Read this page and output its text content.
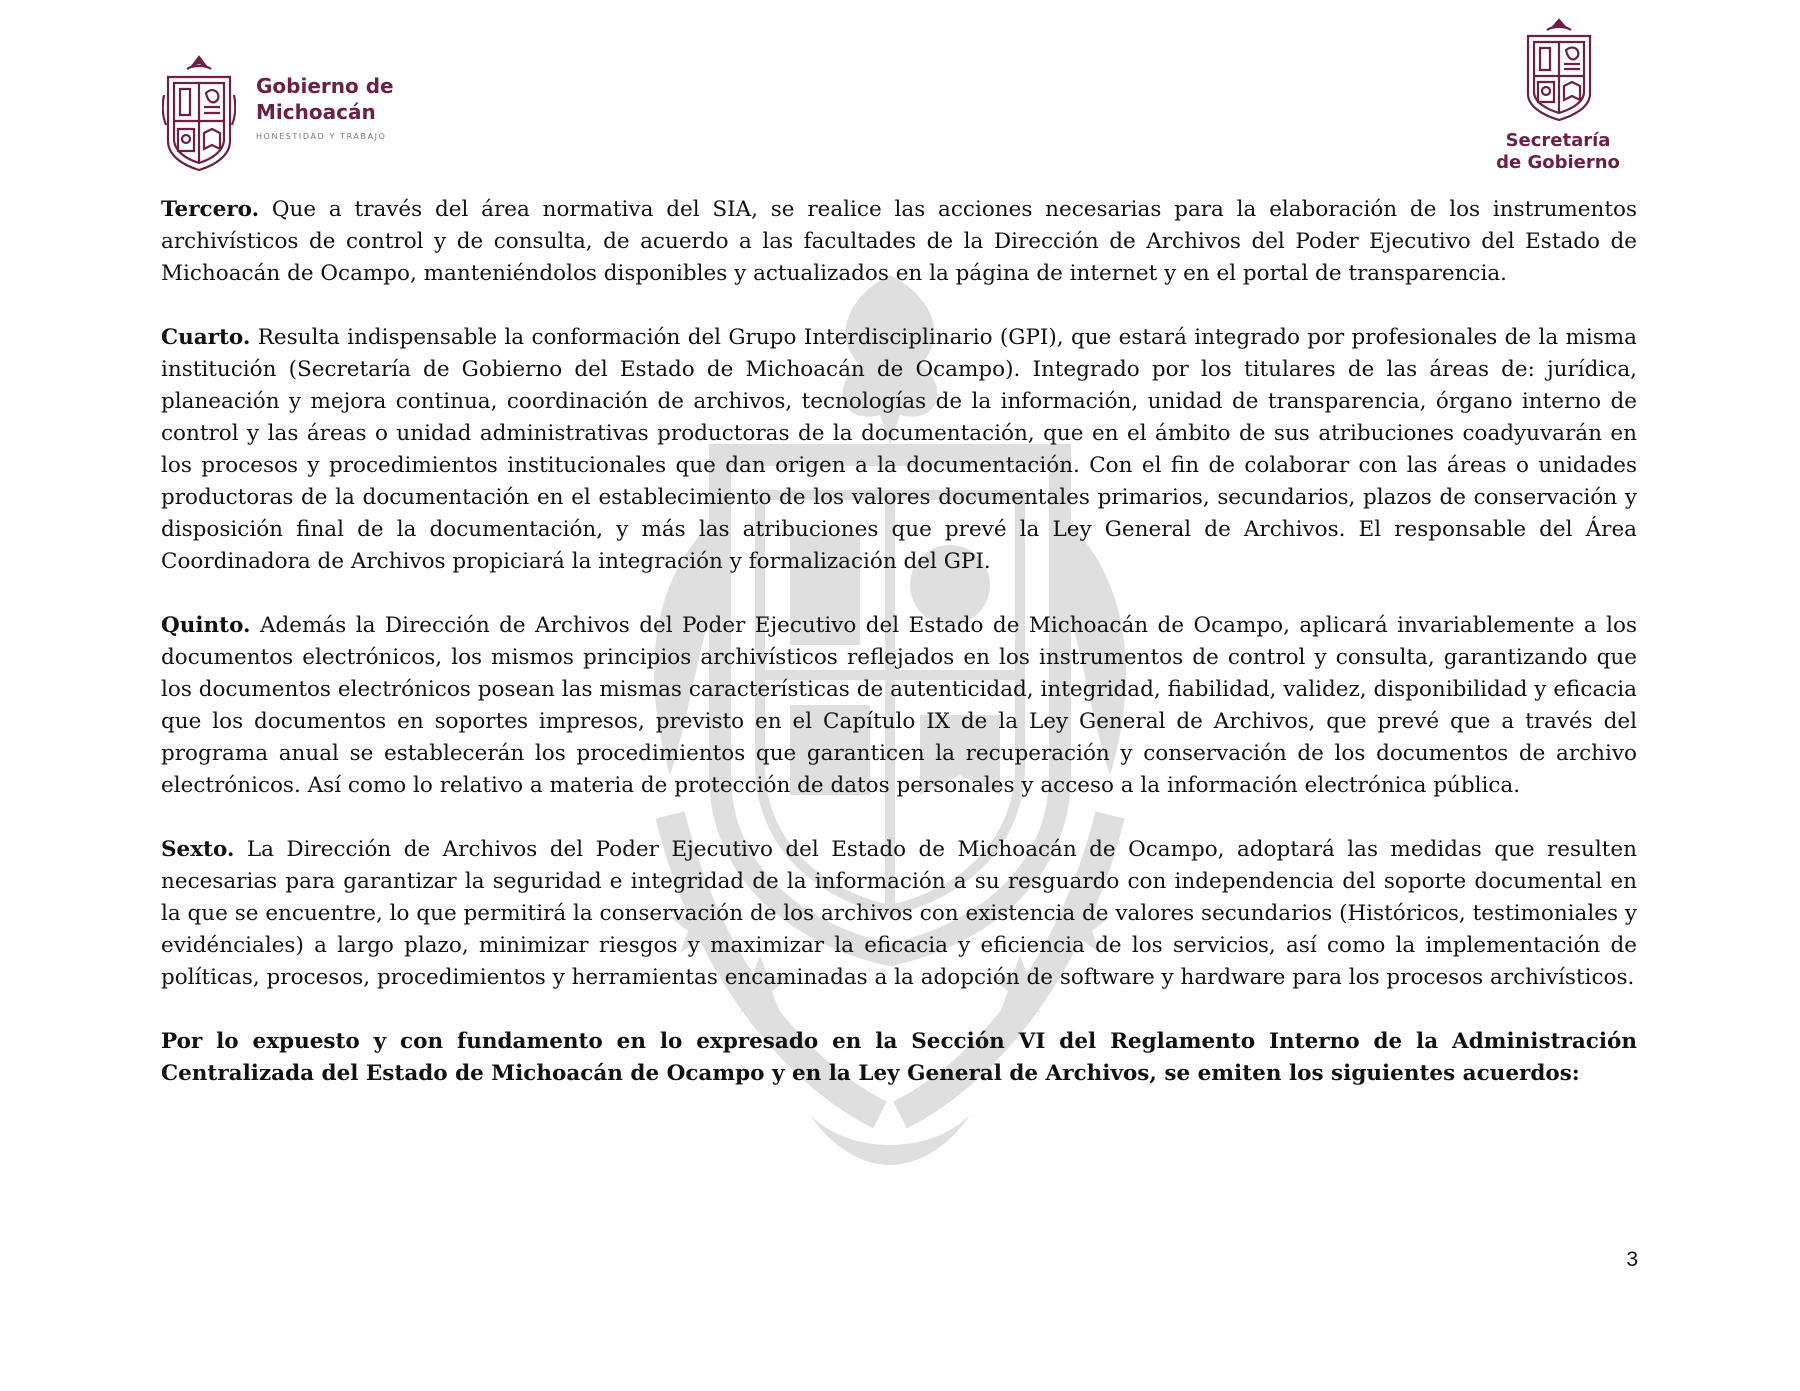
Gobierno de
Michoacán
HONESTIDAD Y TRABAJO	Secretaría
de Gobierno

Tercero. Que a través del área normativa del SIA, se realice las acciones necesarias para la elaboración de los instrumentos archivísticos de control y de consulta, de acuerdo a las facultades de la Dirección de Archivos del Poder Ejecutivo del Estado de Michoacán de Ocampo, manteniéndolos disponibles y actualizados en la página de internet y en el portal de transparencia.

Cuarto. Resulta indispensable la conformación del Grupo Interdisciplinario (GPI), que estará integrado por profesionales de la misma institución (Secretaría de Gobierno del Estado de Michoacán de Ocampo). Integrado por los titulares de las áreas de: jurídica, planeación y mejora continua, coordinación de archivos, tecnologías de la información, unidad de transparencia, órgano interno de control y las áreas o unidad administrativas productoras de la documentación, que en el ámbito de sus atribuciones coadyuvarán en los procesos y procedimientos institucionales que dan origen a la documentación. Con el fin de colaborar con las áreas o unidades productoras de la documentación en el establecimiento de los valores documentales primarios, secundarios, plazos de conservación y disposición final de la documentación, y más las atribuciones que prevé la Ley General de Archivos. El responsable del Área Coordinadora de Archivos propiciará la integración y formalización del GPI.

Quinto. Además la Dirección de Archivos del Poder Ejecutivo del Estado de Michoacán de Ocampo, aplicará invariablemente a los documentos electrónicos, los mismos principios archivísticos reflejados en los instrumentos de control y consulta, garantizando que los documentos electrónicos posean las mismas características de autenticidad, integridad, fiabilidad, validez, disponibilidad y eficacia que los documentos en soportes impresos, previsto en el Capítulo IX de la Ley General de Archivos, que prevé que a través del programa anual se establecerán los procedimientos que garanticen la recuperación y conservación de los documentos de archivo electrónicos. Así como lo relativo a materia de protección de datos personales y acceso a la información electrónica pública.

Sexto. La Dirección de Archivos del Poder Ejecutivo del Estado de Michoacán de Ocampo, adoptará las medidas que resulten necesarias para garantizar la seguridad e integridad de la información a su resguardo con independencia del soporte documental en la que se encuentre, lo que permitirá la conservación de los archivos con existencia de valores secundarios (Históricos, testimoniales y evidénciales) a largo plazo, minimizar riesgos y maximizar la eficacia y eficiencia de los servicios, así como la implementación de políticas, procesos, procedimientos y herramientas encaminadas a la adopción de software y hardware para los procesos archivísticos.

Por lo expuesto y con fundamento en lo expresado en la Sección VI del Reglamento Interno de la Administración Centralizada del Estado de Michoacán de Ocampo y en la Ley General de Archivos, se emiten los siguientes acuerdos:

3
